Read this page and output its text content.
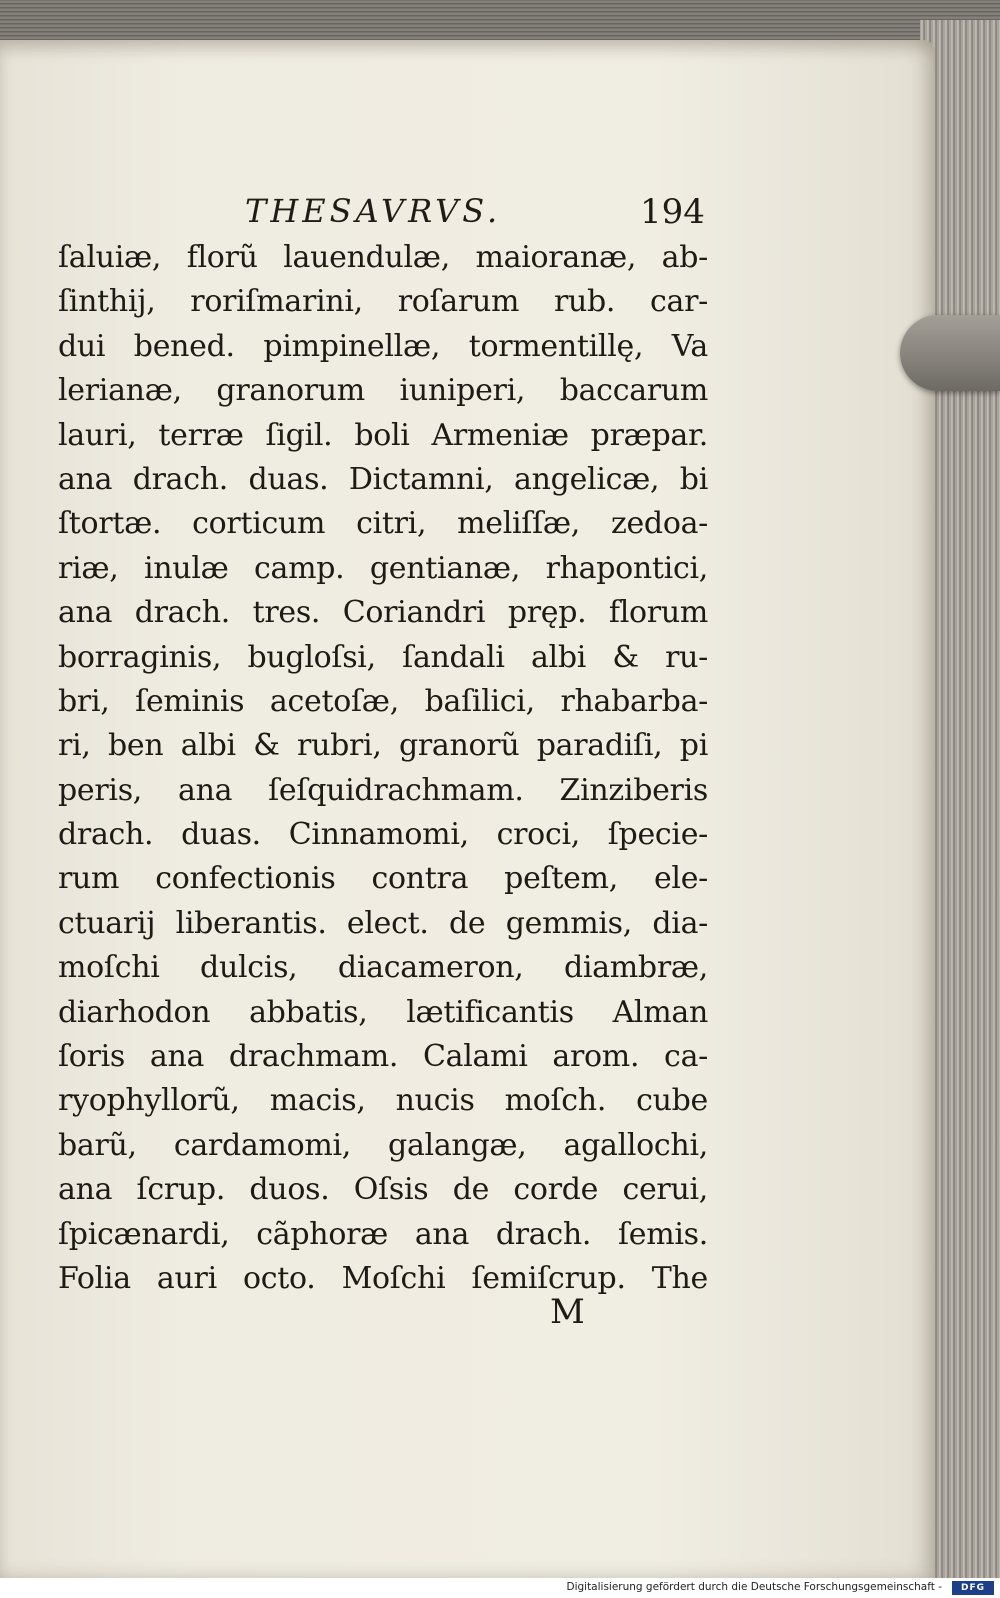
THESAVRVS.	194
ſaluiæ, florũ lauendulæ, maioranæ, ab-
ſinthij, roriſmarini, roſarum rub. car-
dui bened. pimpinellæ, tormentillę, Va
lerianæ, granorum iuniperi, baccarum
lauri, terræ ſigil. boli Armeniæ præpar.
ana drach. duas. Dictamni, angelicæ, bi
ſtortæ. corticum citri, meliſſæ, zedoa-
riæ, inulæ camp. gentianæ, rhapontici,
ana drach. tres. Coriandri pręp. florum
borraginis, bugloſsi, ſandali albi & ru-
bri, ſeminis acetoſæ, baſilici, rhabarba-
ri, ben albi & rubri, granorũ paradiſi, pi
peris, ana ſeſquidrachmam. Zinziberis
drach. duas. Cinnamomi, croci, ſpecie-
rum confectionis contra peſtem, ele-
ctuarij liberantis. elect. de gemmis, dia-
moſchi dulcis, diacameron, diambræ,
diarhodon abbatis, lætificantis Alman
ſoris ana drachmam. Calami arom. ca-
ryophyllorũ, macis, nucis moſch. cube
barũ, cardamomi, galangæ, agallochi,
ana ſcrup. duos. Oſsis de corde cerui,
ſpicænardi, cãphoræ ana drach. ſemis.
Folia auri octo. Moſchi ſemiſcrup. The
M
Digitalisierung gefördert durch die Deutsche Forschungsgemeinschaft -	DFG
